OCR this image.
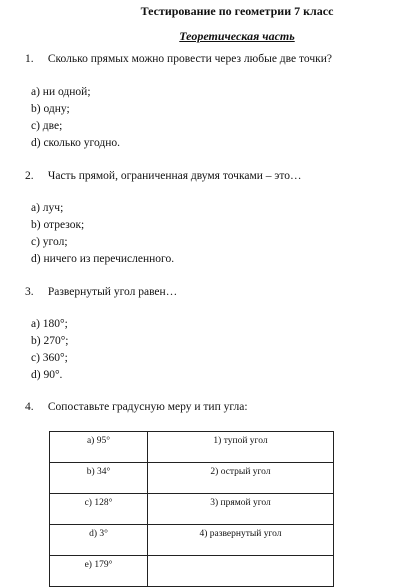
Тестирование по геометрии 7 класс
Теоретическая часть
1. Сколько прямых можно провести через любые две точки?
а) ни одной;
b) одну;
с) две;
d) сколько угодно.
2. Часть прямой, ограниченная двумя точками – это…
а) луч;
b) отрезок;
с) угол;
d) ничего из перечисленного.
3. Развернутый угол равен…
а) 180°;
b) 270°;
с) 360°;
d) 90°.
4. Сопоставьте градусную меру и тип угла:
а) 95°	1) тупой угол
b) 34°	2) острый угол
с) 128°	3) прямой угол
d) 3°	4) развернутый угол
е) 179°	
